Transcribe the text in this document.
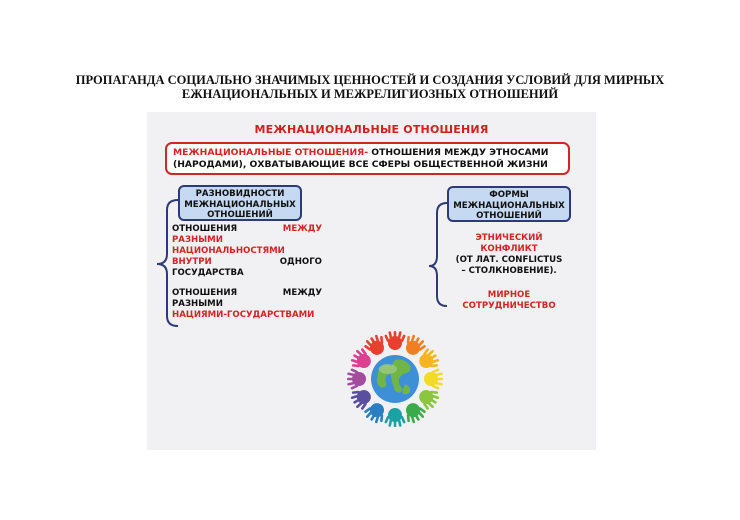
ПРОПАГАНДА СОЦИАЛЬНО ЗНАЧИМЫХ ЦЕННОСТЕЙ И СОЗДАНИЯ УСЛОВИЙ ДЛЯ МИРНЫХ
ЕЖНАЦИОНАЛЬНЫХ И МЕЖРЕЛИГИОЗНЫХ ОТНОШЕНИЙ
МЕЖНАЦИОНАЛЬНЫЕ ОТНОШЕНИЯ
МЕЖНАЦИОНАЛЬНЫЕ ОТНОШЕНИЯ- ОТНОШЕНИЯ МЕЖДУ ЭТНОСАМИ
(НАРОДАМИ), ОХВАТЫВАЮЩИЕ ВСЕ СФЕРЫ ОБЩЕСТВЕННОЙ ЖИЗНИ
РАЗНОВИДНОСТИ
МЕЖНАЦИОНАЛЬНЫХ
ОТНОШЕНИЙ
ОТНОШЕНИЯ	МЕЖДУ
РАЗНЫМИ
НАЦИОНАЛЬНОСТЯМИ
ВНУТРИ	ОДНОГО
ГОСУДАРСТВА
ОТНОШЕНИЯ	МЕЖДУ
РАЗНЫМИ
НАЦИЯМИ-ГОСУДАРСТВАМИ
ФОРМЫ
МЕЖНАЦИОНАЛЬНЫХ
ОТНОШЕНИЙ
ЭТНИЧЕСКИЙ
КОНФЛИКТ
(ОТ ЛАТ. CONFLICTUS
– СТОЛКНОВЕНИЕ).
МИРНОЕ
СОТРУДНИЧЕСТВО
